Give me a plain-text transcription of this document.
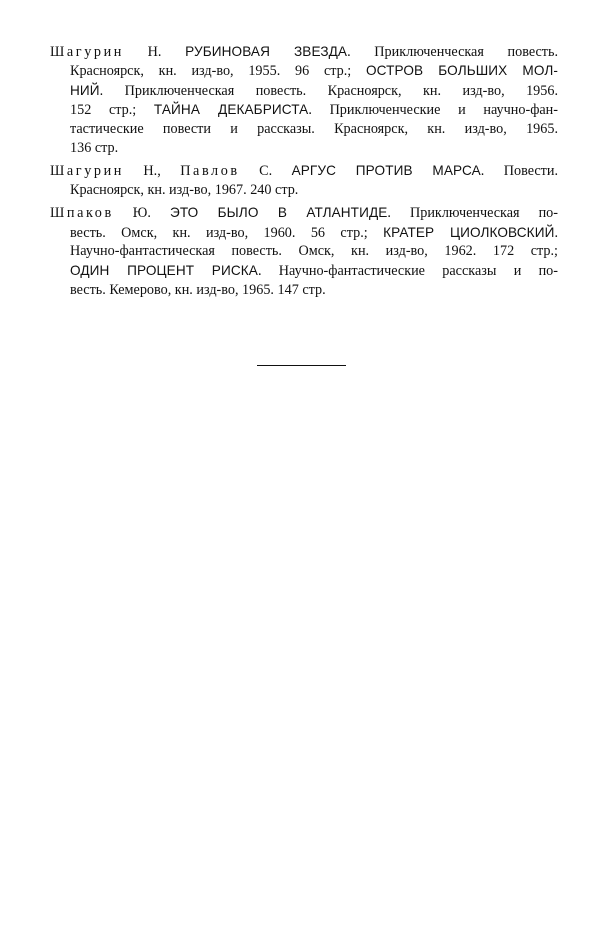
Шагурин Н. РУБИНОВАЯ ЗВЕЗДА. Приключенческая повесть.
Красноярск, кн. изд-во, 1955. 96 стр.; ОСТРОВ БОЛЬШИХ МОЛ-
НИЙ. Приключенческая повесть. Красноярск, кн. изд-во, 1956.
152 стр.; ТАЙНА ДЕКАБРИСТА. Приключенческие и научно-фан-
тастические повести и рассказы. Красноярск, кн. изд-во, 1965.
136 стр.
Шагурин Н., Павлов С. АРГУС ПРОТИВ МАРСА. Повести.
Красноярск, кн. изд-во, 1967. 240 стр.
Шпаков Ю. ЭТО БЫЛО В АТЛАНТИДЕ. Приключенческая по-
весть. Омск, кн. изд-во, 1960. 56 стр.; КРАТЕР ЦИОЛКОВСКИЙ.
Научно-фантастическая повесть. Омск, кн. изд-во, 1962. 172 стр.;
ОДИН ПРОЦЕНТ РИСКА. Научно-фантастические рассказы и по-
весть. Кемерово, кн. изд-во, 1965. 147 стр.
